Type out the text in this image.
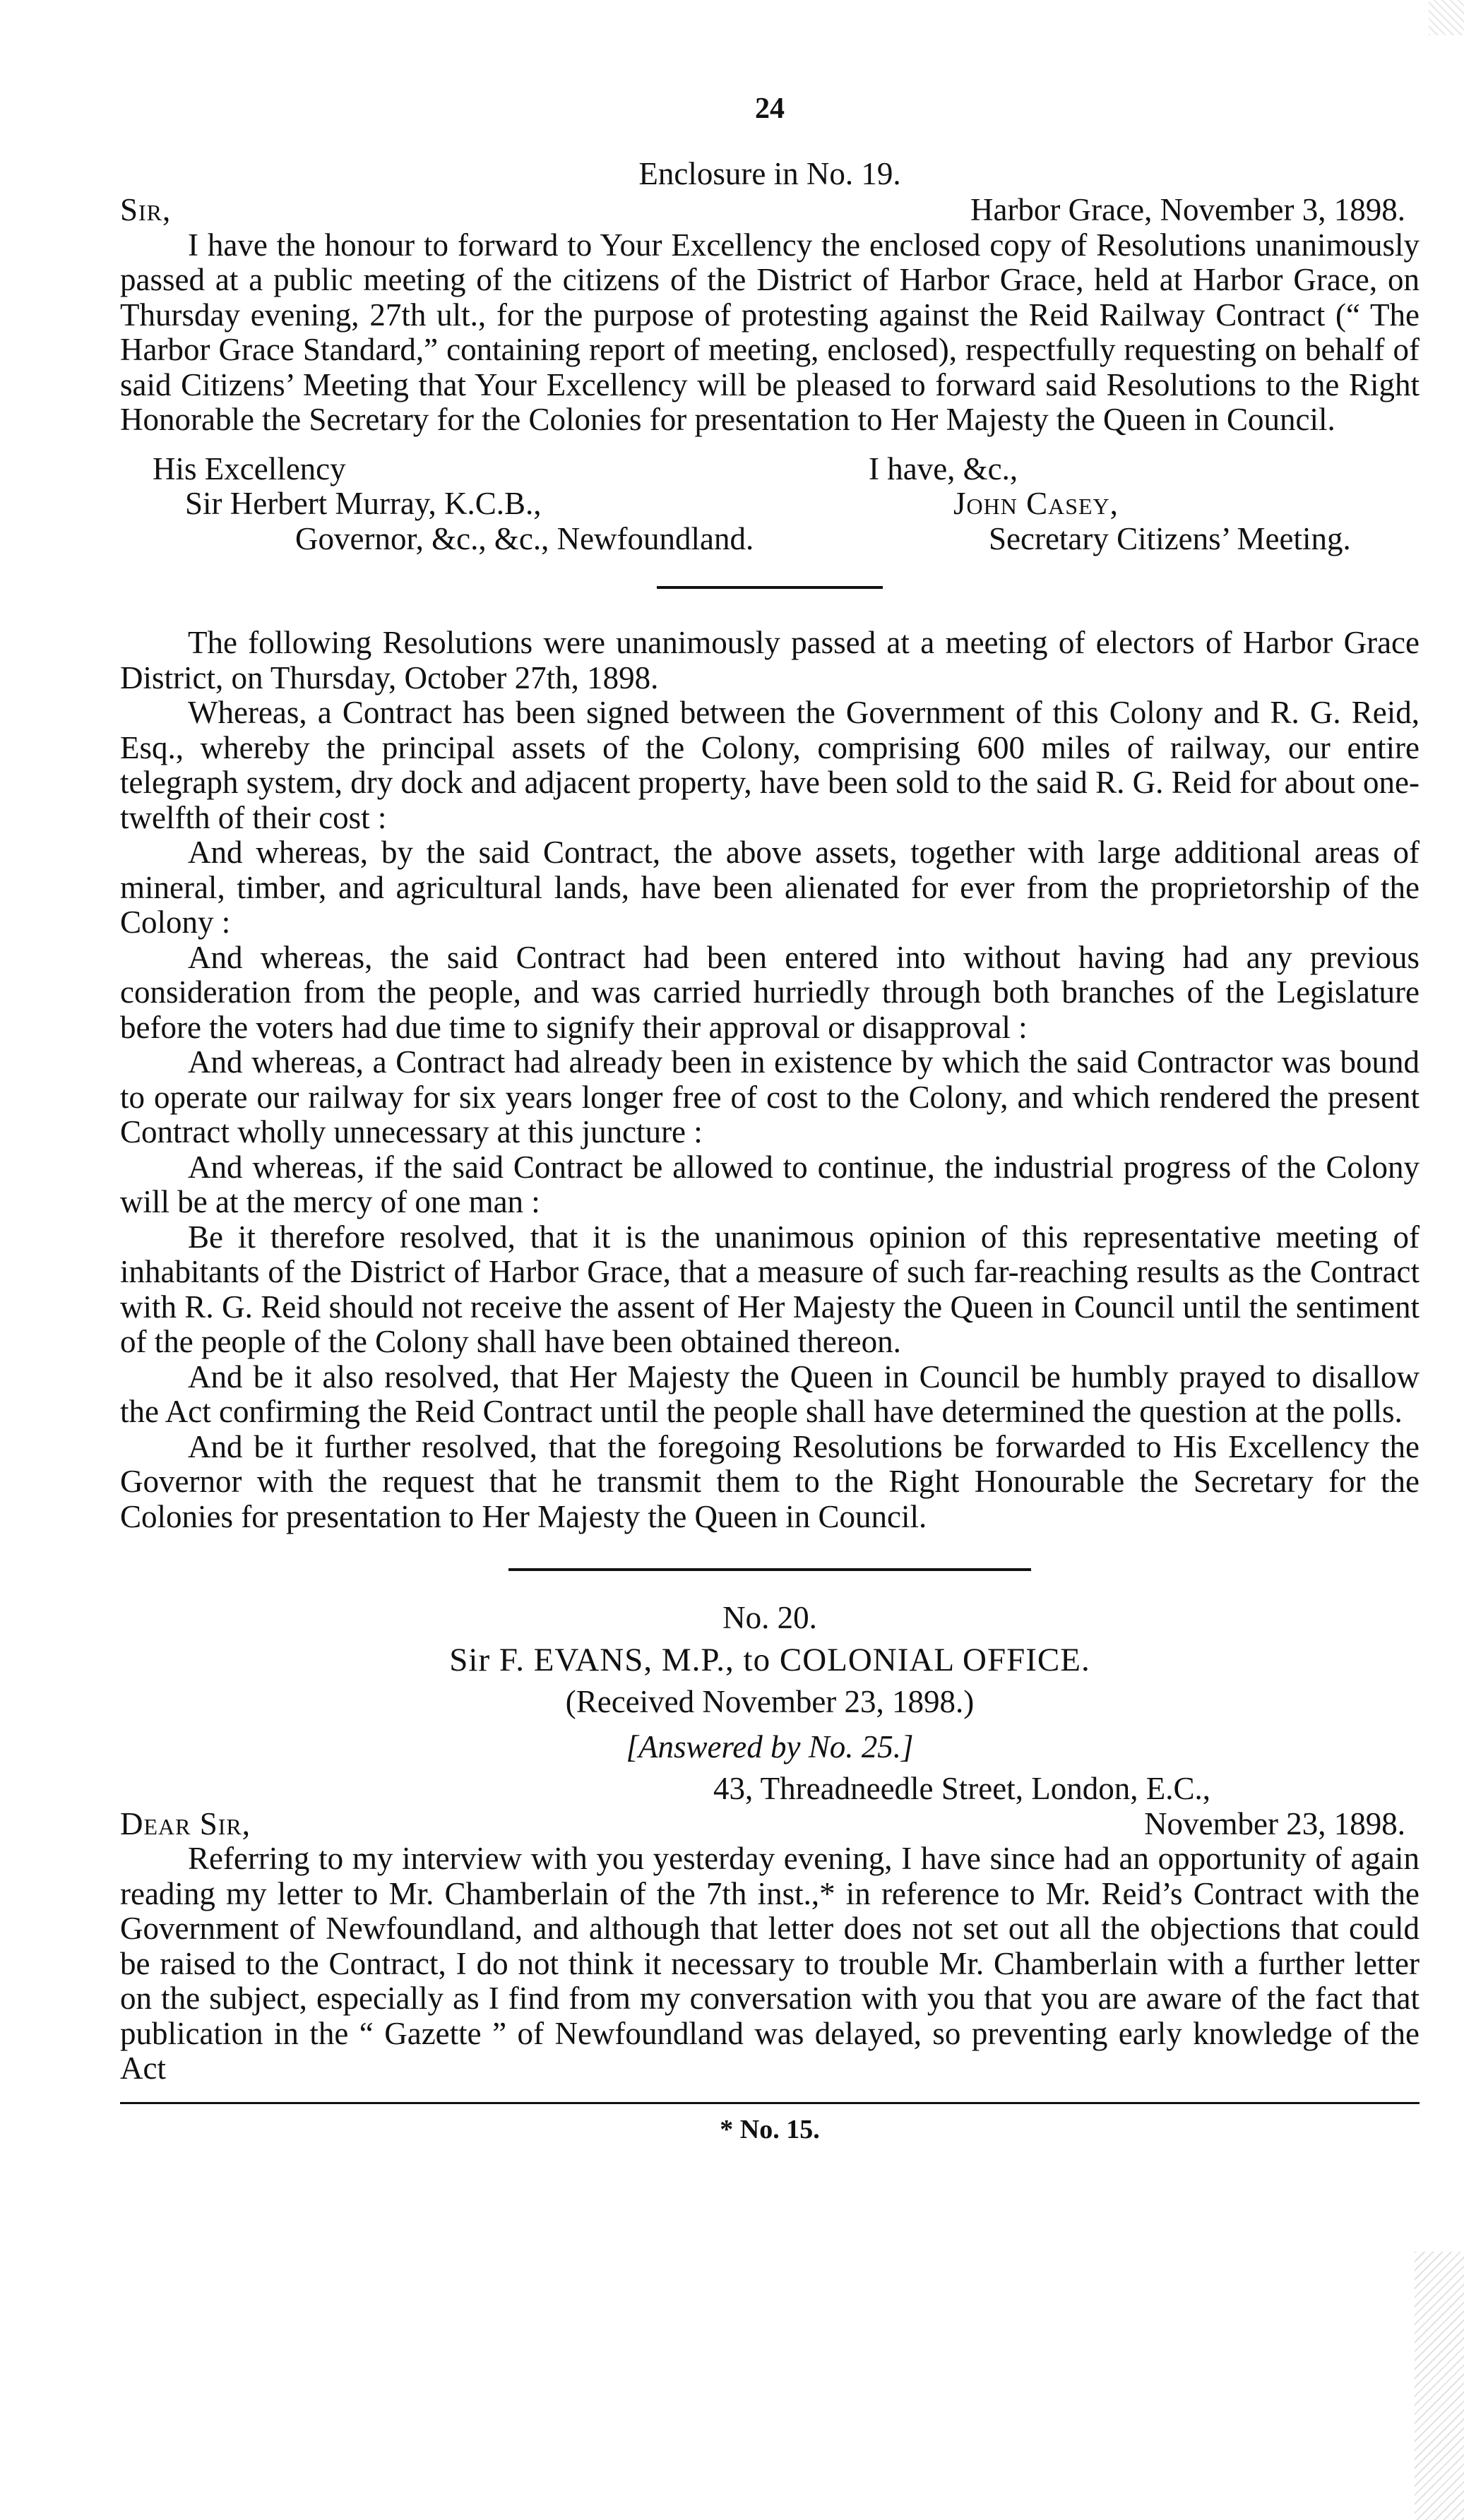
24
Enclosure in No. 19.
Sir,	Harbor Grace, November 3, 1898.

I have the honour to forward to Your Excellency the enclosed copy of Resolutions unanimously passed at a public meeting of the citizens of the District of Harbor Grace, held at Harbor Grace, on Thursday evening, 27th ult., for the purpose of protesting against the Reid Railway Contract (“ The Harbor Grace Standard,” containing report of meeting, enclosed), respectfully requesting on behalf of said Citizens’ Meeting that Your Excellency will be pleased to forward said Resolutions to the Right Honorable the Secretary for the Colonies for presentation to Her Majesty the Queen in Council.

His Excellency
Sir Herbert Murray, K.C.B.,
Governor, &c., &c., Newfoundland.
I have, &c.,
John Casey,
Secretary Citizens’ Meeting.

The following Resolutions were unanimously passed at a meeting of electors of Harbor Grace District, on Thursday, October 27th, 1898.

Whereas, a Contract has been signed between the Government of this Colony and R. G. Reid, Esq., whereby the principal assets of the Colony, comprising 600 miles of railway, our entire telegraph system, dry dock and adjacent property, have been sold to the said R. G. Reid for about one-twelfth of their cost :

And whereas, by the said Contract, the above assets, together with large additional areas of mineral, timber, and agricultural lands, have been alienated for ever from the proprietorship of the Colony :

And whereas, the said Contract had been entered into without having had any previous consideration from the people, and was carried hurriedly through both branches of the Legislature before the voters had due time to signify their approval or disapproval :

And whereas, a Contract had already been in existence by which the said Contractor was bound to operate our railway for six years longer free of cost to the Colony, and which rendered the present Contract wholly unnecessary at this juncture :

And whereas, if the said Contract be allowed to continue, the industrial progress of the Colony will be at the mercy of one man :

Be it therefore resolved, that it is the unanimous opinion of this representative meeting of inhabitants of the District of Harbor Grace, that a measure of such far-reaching results as the Contract with R. G. Reid should not receive the assent of Her Majesty the Queen in Council until the sentiment of the people of the Colony shall have been obtained thereon.

And be it also resolved, that Her Majesty the Queen in Council be humbly prayed to disallow the Act confirming the Reid Contract until the people shall have determined the question at the polls.

And be it further resolved, that the foregoing Resolutions be forwarded to His Excellency the Governor with the request that he transmit them to the Right Honourable the Secretary for the Colonies for presentation to Her Majesty the Queen in Council.

No. 20.
Sir F. EVANS, M.P., to COLONIAL OFFICE.
(Received November 23, 1898.)
[Answered by No. 25.]
43, Threadneedle Street, London, E.C.,
Dear Sir,	November 23, 1898.

Referring to my interview with you yesterday evening, I have since had an opportunity of again reading my letter to Mr. Chamberlain of the 7th inst.,* in reference to Mr. Reid’s Contract with the Government of Newfoundland, and although that letter does not set out all the objections that could be raised to the Contract, I do not think it necessary to trouble Mr. Chamberlain with a further letter on the subject, especially as I find from my conversation with you that you are aware of the fact that publication in the “ Gazette ” of Newfoundland was delayed, so preventing early knowledge of the Act

* No. 15.
